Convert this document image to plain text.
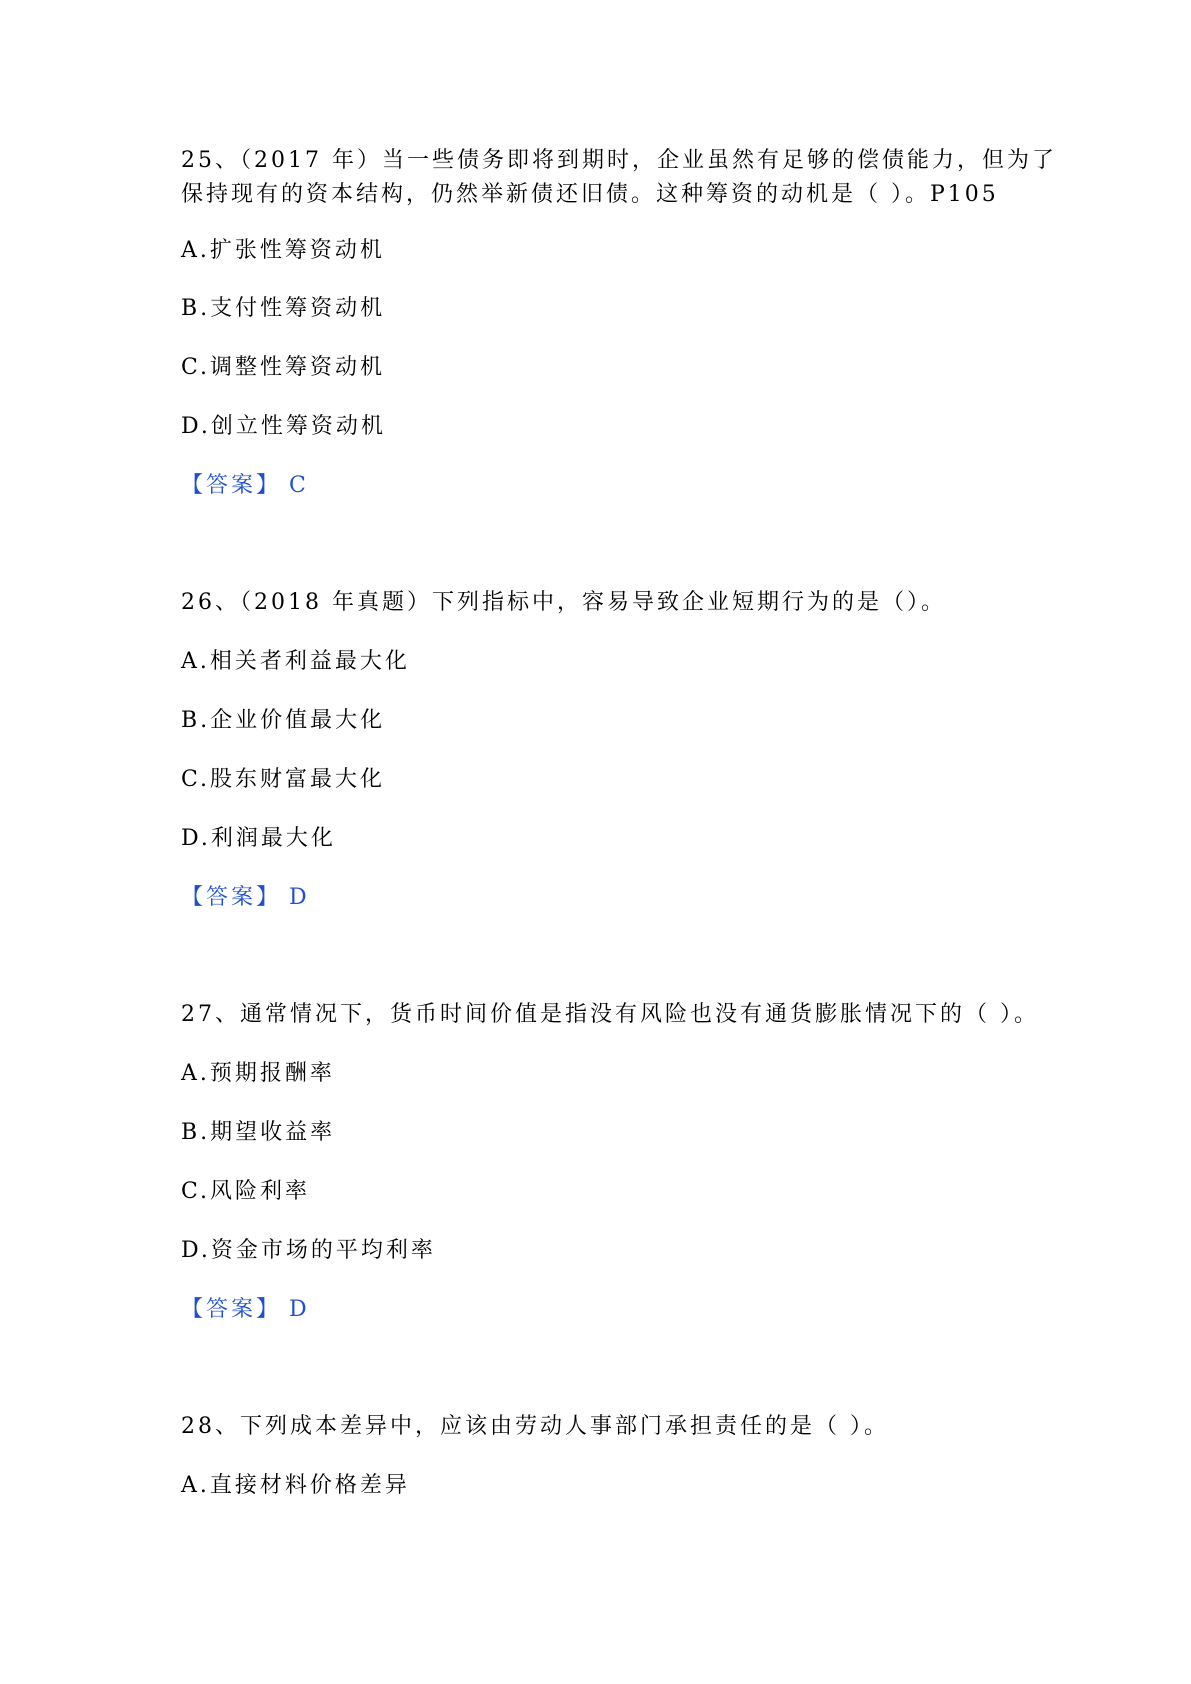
25、（2017 年）当一些债务即将到期时，企业虽然有足够的偿债能力，但为了
保持现有的资本结构，仍然举新债还旧债。这种筹资的动机是（ ）。P105
A.扩张性筹资动机
B.支付性筹资动机
C.调整性筹资动机
D.创立性筹资动机
【答案】 C
26、（2018 年真题）下列指标中，容易导致企业短期行为的是（）。
A.相关者利益最大化
B.企业价值最大化
C.股东财富最大化
D.利润最大化
【答案】 D
27、通常情况下，货币时间价值是指没有风险也没有通货膨胀情况下的（ ）。
A.预期报酬率
B.期望收益率
C.风险利率
D.资金市场的平均利率
【答案】 D
28、下列成本差异中，应该由劳动人事部门承担责任的是（ ）。
A.直接材料价格差异
